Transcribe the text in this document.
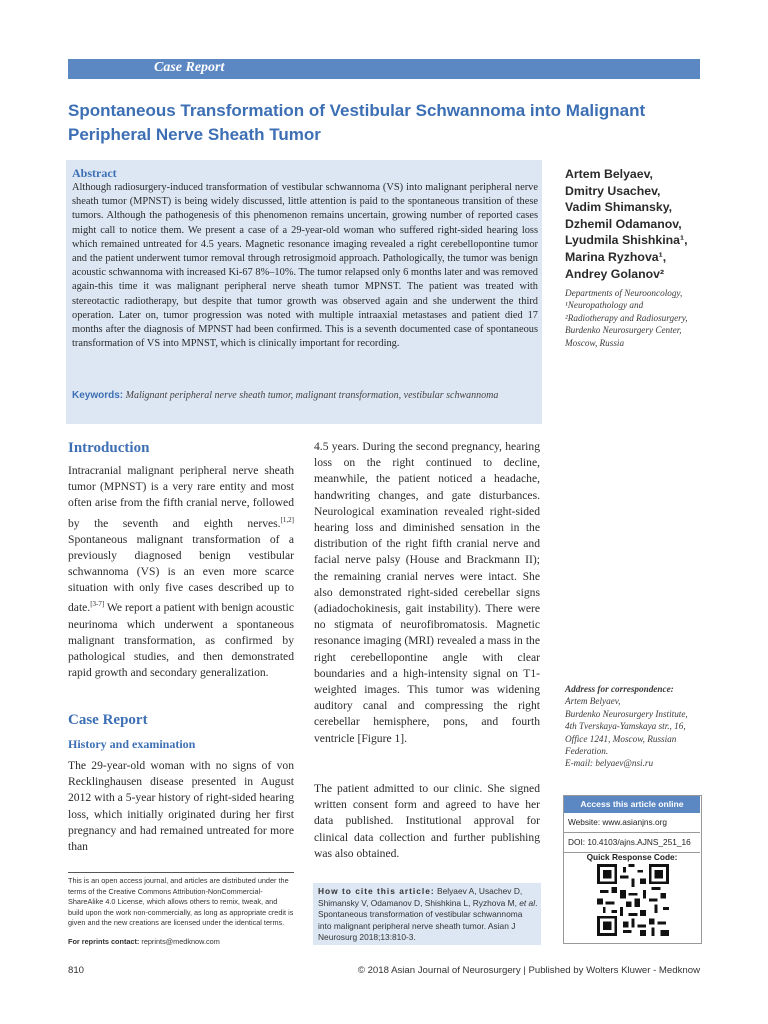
Case Report
Spontaneous Transformation of Vestibular Schwannoma into Malignant Peripheral Nerve Sheath Tumor
Abstract
Although radiosurgery-induced transformation of vestibular schwannoma (VS) into malignant peripheral nerve sheath tumor (MPNST) is being widely discussed, little attention is paid to the spontaneous transition of these tumors. Although the pathogenesis of this phenomenon remains uncertain, growing number of reported cases might call to notice them. We present a case of a 29-year-old woman who suffered right-sided hearing loss which remained untreated for 4.5 years. Magnetic resonance imaging revealed a right cerebellopontine tumor and the patient underwent tumor removal through retrosigmoid approach. Pathologically, the tumor was benign acoustic schwannoma with increased Ki-67 8%–10%. The tumor relapsed only 6 months later and was removed again-this time it was malignant peripheral nerve sheath tumor MPNST. The patient was treated with stereotactic radiotherapy, but despite that tumor growth was observed again and she underwent the third operation. Later on, tumor progression was noted with multiple intraaxial metastases and patient died 17 months after the diagnosis of MPNST had been confirmed. This is a seventh documented case of spontaneous transformation of VS into MPNST, which is clinically important for recording.
Keywords: Malignant peripheral nerve sheath tumor, malignant transformation, vestibular schwannoma
Artem Belyaev,
Dmitry Usachev,
Vadim Shimansky,
Dzhemil Odamanov,
Lyudmila Shishkina¹,
Marina Ryzhova¹,
Andrey Golanov²
Departments of Neurooncology,
¹Neuropathology and
²Radiotherapy and Radiosurgery,
Burdenko Neurosurgery Center,
Moscow, Russia
Introduction
Intracranial malignant peripheral nerve sheath tumor (MPNST) is a very rare entity and most often arise from the fifth cranial nerve, followed by the seventh and eighth nerves.[1,2] Spontaneous malignant transformation of a previously diagnosed benign vestibular schwannoma (VS) is an even more scarce situation with only five cases described up to date.[3-7] We report a patient with benign acoustic neurinoma which underwent a spontaneous malignant transformation, as confirmed by pathological studies, and then demonstrated rapid growth and secondary generalization.
Case Report
History and examination
The 29-year-old woman with no signs of von Recklinghausen disease presented in August 2012 with a 5-year history of right-sided hearing loss, which initially originated during her first pregnancy and had remained untreated for more than
4.5 years. During the second pregnancy, hearing loss on the right continued to decline, meanwhile, the patient noticed a headache, handwriting changes, and gate disturbances. Neurological examination revealed right-sided hearing loss and diminished sensation in the distribution of the right fifth cranial nerve and facial nerve palsy (House and Brackmann II); the remaining cranial nerves were intact. She also demonstrated right-sided cerebellar signs (adiadochokinesis, gait instability). There were no stigmata of neurofibromatosis. Magnetic resonance imaging (MRI) revealed a mass in the right cerebellopontine angle with clear boundaries and a high-intensity signal on T1-weighted images. This tumor was widening auditory canal and compressing the right cerebellar hemisphere, pons, and fourth ventricle [Figure 1].
The patient admitted to our clinic. She signed written consent form and agreed to have her data published. Institutional approval for clinical data collection and further publishing was also obtained.
This is an open access journal, and articles are distributed under the terms of the Creative Commons Attribution-NonCommercial-ShareAlike 4.0 License, which allows others to remix, tweak, and build upon the work non-commercially, as long as appropriate credit is given and the new creations are licensed under the identical terms.
For reprints contact: reprints@medknow.com
How to cite this article: Belyaev A, Usachev D, Shimansky V, Odamanov D, Shishkina L, Ryzhova M, et al. Spontaneous transformation of vestibular schwannoma into malignant peripheral nerve sheath tumor. Asian J Neurosurg 2018;13:810-3.
Address for correspondence:
Artem Belyaev,
Burdenko Neurosurgery Institute,
4th Tverskaya-Yamskaya str., 16,
Office 1241, Moscow, Russian
Federation.
E-mail: belyaev@nsi.ru
Access this article online
Website: www.asianjns.org
DOI: 10.4103/ajns.AJNS_251_16
Quick Response Code:
810	© 2018 Asian Journal of Neurosurgery | Published by Wolters Kluwer - Medknow
